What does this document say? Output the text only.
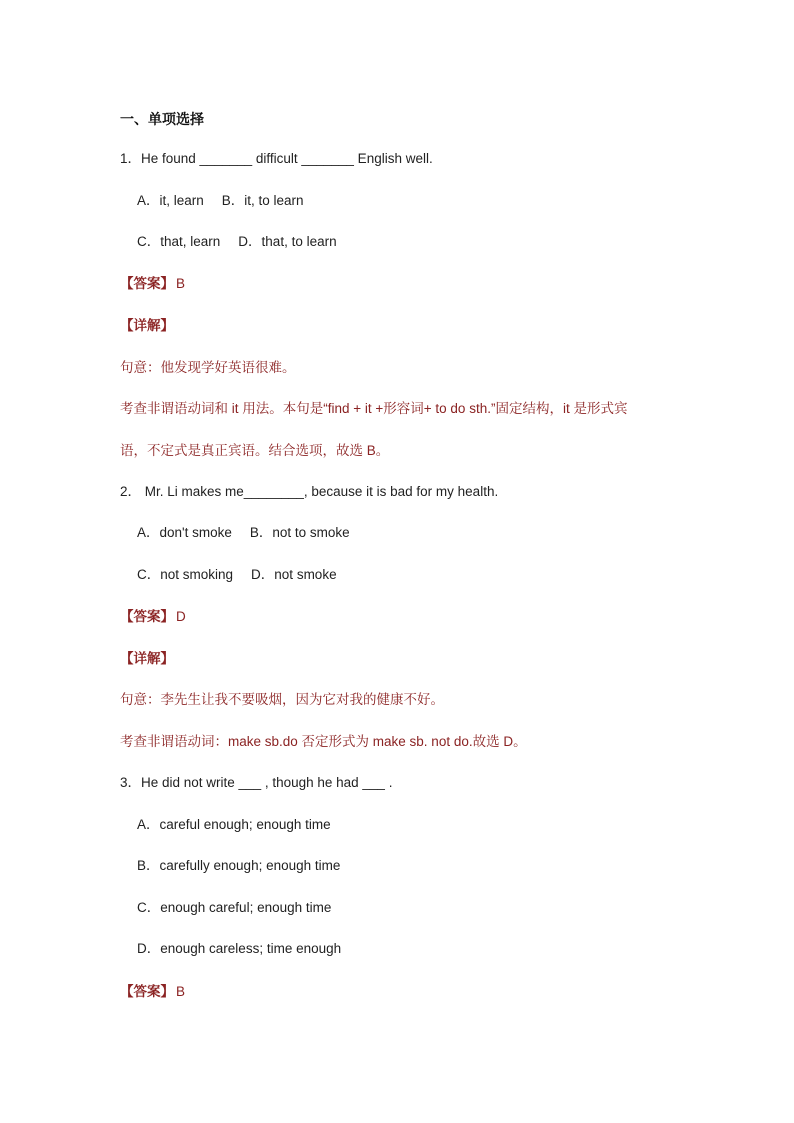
一、单项选择
1．He found _______ difficult _______ English well.
A．it, learn B．it, to learn
C．that, learn D．that, to learn
【答案】 B
【详解】
句意：他发现学好英语很难。
考查非谓语动词和 it 用法。本句是“find + it +形容词+ to do sth.”固定结构，it 是形式宾
语，不定式是真正宾语。结合选项，故选 B。
2． Mr. Li makes me________, because it is bad for my health.
A．don't smoke B．not to smoke
C．not smoking D．not smoke
【答案】 D
【详解】
句意：李先生让我不要吸烟，因为它对我的健康不好。
考查非谓语动词：make sb.do 否定形式为 make sb. not do.故选 D。
3．He did not write ___ , though he had ___ .
A．careful enough; enough time
B．carefully enough; enough time
C．enough careful; enough time
D．enough careless; time enough
【答案】 B
